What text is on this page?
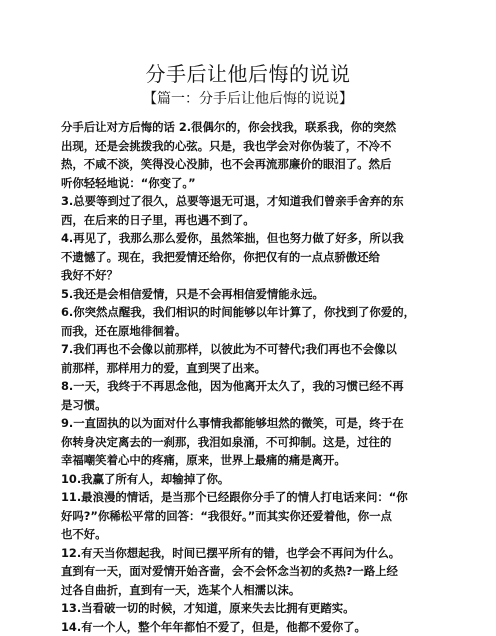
分手后让他后悔的说说
【篇一：分手后让他后悔的说说】
分手后让对方后悔的话 2.很偶尔的，你会找我，联系我，你的突然
出现，还是会挑拨我的心弦。只是，我也学会对你伪装了，不冷不
热，不咸不淡，笑得没心没肺，也不会再流那廉价的眼泪了。然后
听你轻轻地说：“你变了。”
3.总要等到过了很久，总要等退无可退，才知道我们曾亲手舍弃的东
西，在后来的日子里，再也遇不到了。
4.再见了，我那么那么爱你，虽然笨拙，但也努力做了好多，所以我
不遗憾了。现在，我把爱情还给你，你把仅有的一点点骄傲还给
我好不好？
5.我还是会相信爱情，只是不会再相信爱情能永远。
6.你突然点醒我，我们相识的时间能够以年计算了，你找到了你爱的，
而我，还在原地徘徊着。
7.我们再也不会像以前那样，以彼此为不可替代;我们再也不会像以
前那样，那样用力的爱，直到哭了出来。
8.一天，我终于不再思念他，因为他离开太久了，我的习惯已经不再
是习惯。
9.一直固执的以为面对什么事情我都能够坦然的微笑，可是，终于在
你转身决定离去的一刹那，我泪如泉涌，不可抑制。这是，过往的
幸福嘲笑着心中的疼痛，原来，世界上最痛的痛是离开。
10.我赢了所有人，却输掉了你。
11.最浪漫的情话，是当那个已经跟你分手了的情人打电话来问：“你
好吗?”你稀松平常的回答：“我很好。”而其实你还爱着他，你一点
也不好。
12.有天当你想起我，时间已摆平所有的错，也学会不再问为什么。
直到有一天，面对爱情开始吝啬，会不会怀念当初的炙热?一路上经
过各自曲折，直到有一天，选某个人相濡以沫。
13.当看破一切的时候，才知道，原来失去比拥有更踏实。
14.有一个人，整个年年都怕不爱了，但是，他都不爱你了。
